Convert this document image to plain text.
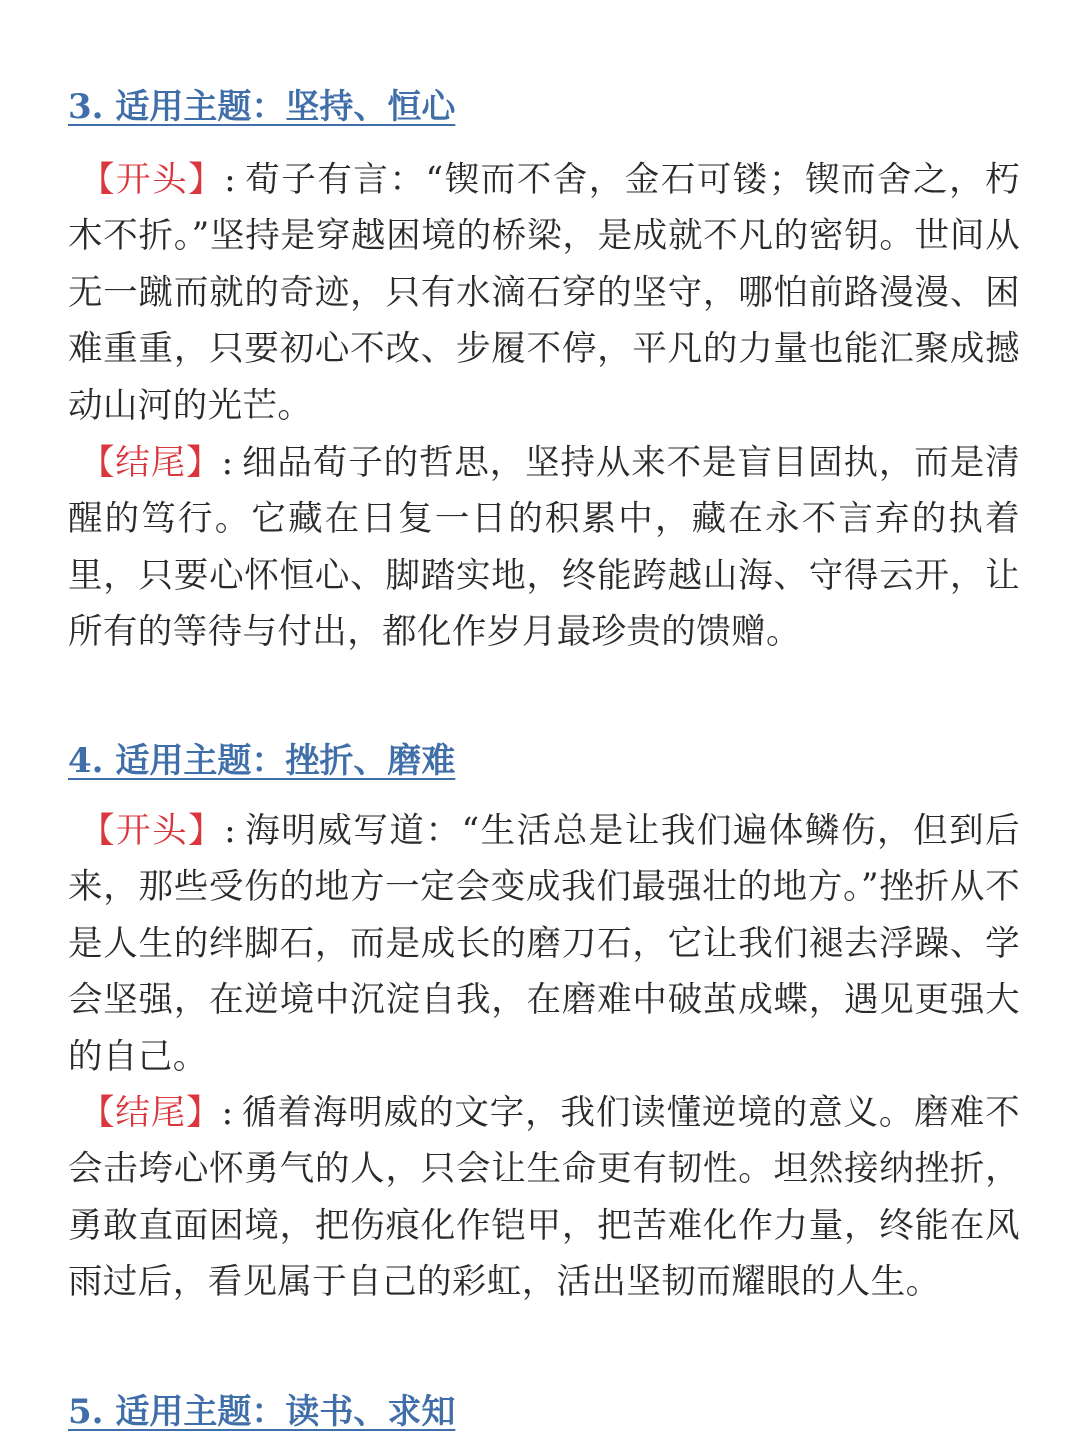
3. 适用主题：坚持、恒心

【开头】: 荀子有言：“锲而不舍，金石可镂；锲而舍之，朽木不折。”坚持是穿越困境的桥梁，是成就不凡的密钥。世间从无一蹴而就的奇迹，只有水滴石穿的坚守，哪怕前路漫漫、困难重重，只要初心不改、步履不停，平凡的力量也能汇聚成撼动山河的光芒。

【结尾】: 细品荀子的哲思，坚持从来不是盲目固执，而是清醒的笃行。它藏在日复一日的积累中，藏在永不言弃的执着里，只要心怀恒心、脚踏实地，终能跨越山海、守得云开，让所有的等待与付出，都化作岁月最珍贵的馈赠。

4. 适用主题：挫折、磨难

【开头】: 海明威写道：“生活总是让我们遍体鳞伤，但到后来，那些受伤的地方一定会变成我们最强壮的地方。”挫折从不是人生的绊脚石，而是成长的磨刀石，它让我们褪去浮躁、学会坚强，在逆境中沉淀自我，在磨难中破茧成蝶，遇见更强大的自己。

【结尾】: 循着海明威的文字，我们读懂逆境的意义。磨难不会击垮心怀勇气的人，只会让生命更有韧性。坦然接纳挫折，勇敢直面困境，把伤痕化作铠甲，把苦难化作力量，终能在风雨过后，看见属于自己的彩虹，活出坚韧而耀眼的人生。

5. 适用主题：读书、求知
